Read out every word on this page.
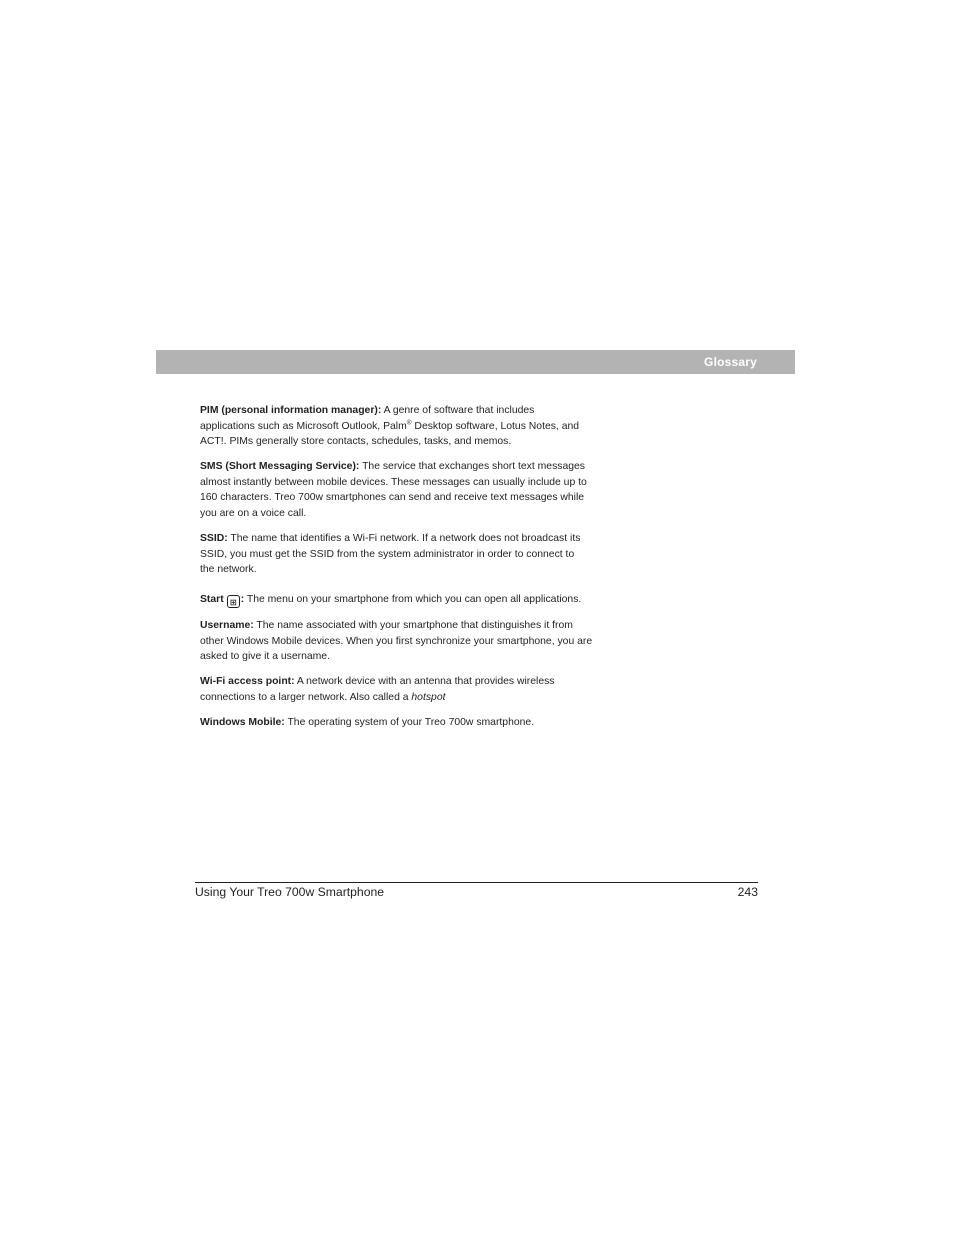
Glossary
PIM (personal information manager): A genre of software that includes
applications such as Microsoft Outlook, Palm® Desktop software, Lotus Notes, and
ACT!. PIMs generally store contacts, schedules, tasks, and memos.
SMS (Short Messaging Service): The service that exchanges short text messages
almost instantly between mobile devices. These messages can usually include up to
160 characters. Treo 700w smartphones can send and receive text messages while
you are on a voice call.
SSID: The name that identifies a Wi-Fi network. If a network does not broadcast its
SSID, you must get the SSID from the system administrator in order to connect to
the network.
Start ⊞ : The menu on your smartphone from which you can open all applications.
Username: The name associated with your smartphone that distinguishes it from
other Windows Mobile devices. When you first synchronize your smartphone, you are
asked to give it a username.
Wi-Fi access point: A network device with an antenna that provides wireless
connections to a larger network. Also called a hotspot
Windows Mobile: The operating system of your Treo 700w smartphone.
Using Your Treo 700w Smartphone	243
